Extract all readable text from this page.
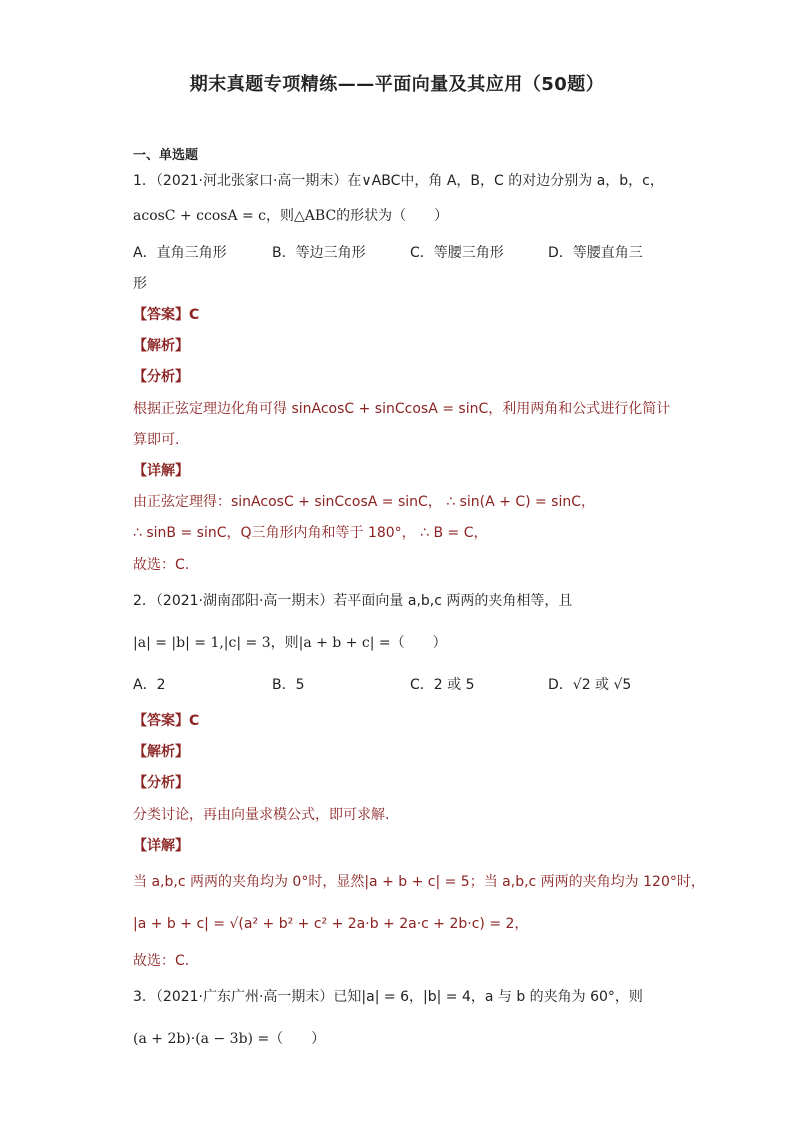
期末真题专项精练——平面向量及其应用（50题）
一、单选题
1．（2021·河北张家口·高一期末）在∨ABC中，角 A，B，C 的对边分别为 a，b，c，
acosC + ccosA = c，则△ABC的形状为（　　）
A．直角三角形	B．等边三角形	C．等腰三角形	D．等腰直角三
形
【答案】C
【解析】
【分析】
根据正弦定理边化角可得 sinAcosC + sinCcosA = sinC，利用两角和公式进行化简计
算即可.
【详解】
由正弦定理得：sinAcosC + sinCcosA = sinC， ∴ sin(A + C) = sinC，
∴ sinB = sinC，Q三角形内角和等于 180°， ∴ B = C，
故选：C.
2．（2021·湖南邵阳·高一期末）若平面向量 a,b,c 两两的夹角相等，且
|a| = |b| = 1,|c| = 3，则|a + b + c| =（　　）
A．2	B．5	C．2 或 5	D．√2 或 √5
【答案】C
【解析】
【分析】
分类讨论，再由向量求模公式，即可求解.
【详解】
当 a,b,c 两两的夹角均为 0°时，显然|a + b + c| = 5；当 a,b,c 两两的夹角均为 120°时，
|a + b + c| = √(a² + b² + c² + 2a·b + 2a·c + 2b·c) = 2，
故选：C.
3．（2021·广东广州·高一期末）已知|a| = 6，|b| = 4，a 与 b 的夹角为 60°，则
(a + 2b)·(a − 3b) =（　　）
